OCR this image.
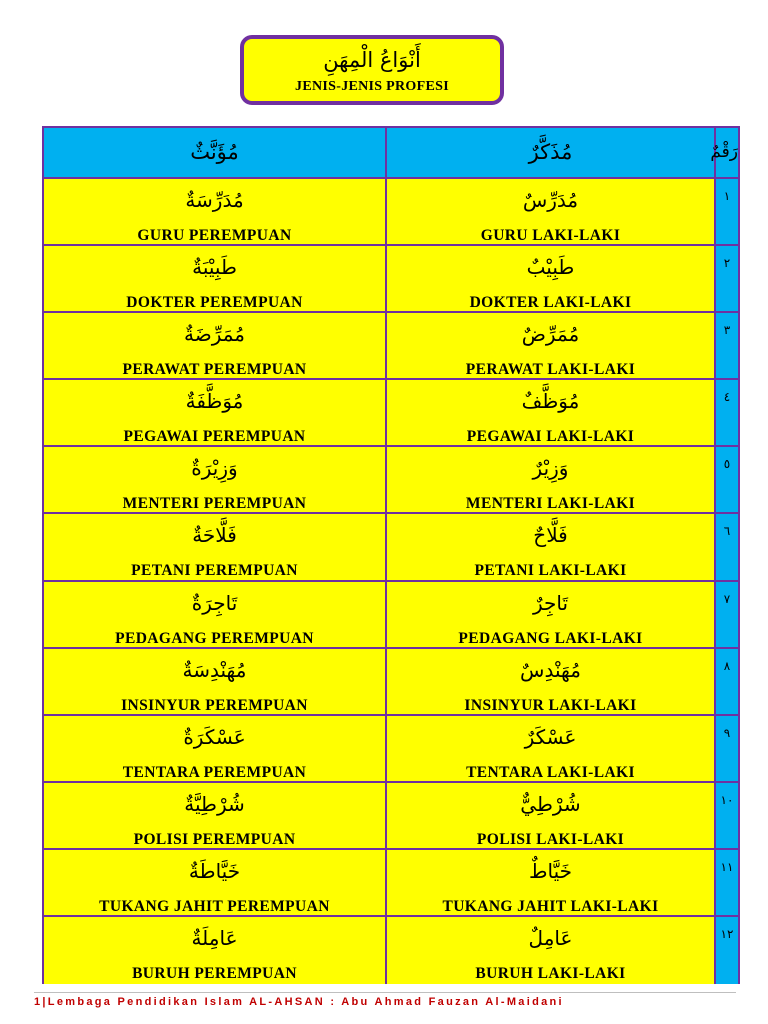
أَنْوَاعُ الْمِهَنِ
JENIS-JENIS PROFESI
مُؤَنَّثٌ	مُذَكَّرٌ	رَقْمٌ
مُدَرِّسَةٌ
GURU PEREMPUAN
مُدَرِّسٌ
GURU LAKI-LAKI
١
طَبِيْبَةٌ
DOKTER PEREMPUAN
طَبِيْبٌ
DOKTER LAKI-LAKI
٢
مُمَرِّضَةٌ
PERAWAT PEREMPUAN
مُمَرِّضٌ
PERAWAT LAKI-LAKI
٣
مُوَظَّفَةٌ
PEGAWAI PEREMPUAN
مُوَظَّفٌ
PEGAWAI LAKI-LAKI
٤
وَزِيْرَةٌ
MENTERI PEREMPUAN
وَزِيْرٌ
MENTERI LAKI-LAKI
٥
فَلَّاحَةٌ
PETANI PEREMPUAN
فَلَّاحٌ
PETANI LAKI-LAKI
٦
تَاجِرَةٌ
PEDAGANG PEREMPUAN
تَاجِرٌ
PEDAGANG LAKI-LAKI
٧
مُهَنْدِسَةٌ
INSINYUR PEREMPUAN
مُهَنْدِسٌ
INSINYUR LAKI-LAKI
٨
عَسْكَرَةٌ
TENTARA PEREMPUAN
عَسْكَرٌ
TENTARA LAKI-LAKI
٩
شُرْطِيَّةٌ
POLISI PEREMPUAN
شُرْطِيٌّ
POLISI LAKI-LAKI
١٠
خَيَّاطَةٌ
TUKANG JAHIT PEREMPUAN
خَيَّاطٌ
TUKANG JAHIT LAKI-LAKI
١١
عَامِلَةٌ
BURUH PEREMPUAN
عَامِلٌ
BURUH LAKI-LAKI
١٢
1|Lembaga Pendidikan Islam AL-AHSAN : Abu Ahmad Fauzan Al-Maidani
